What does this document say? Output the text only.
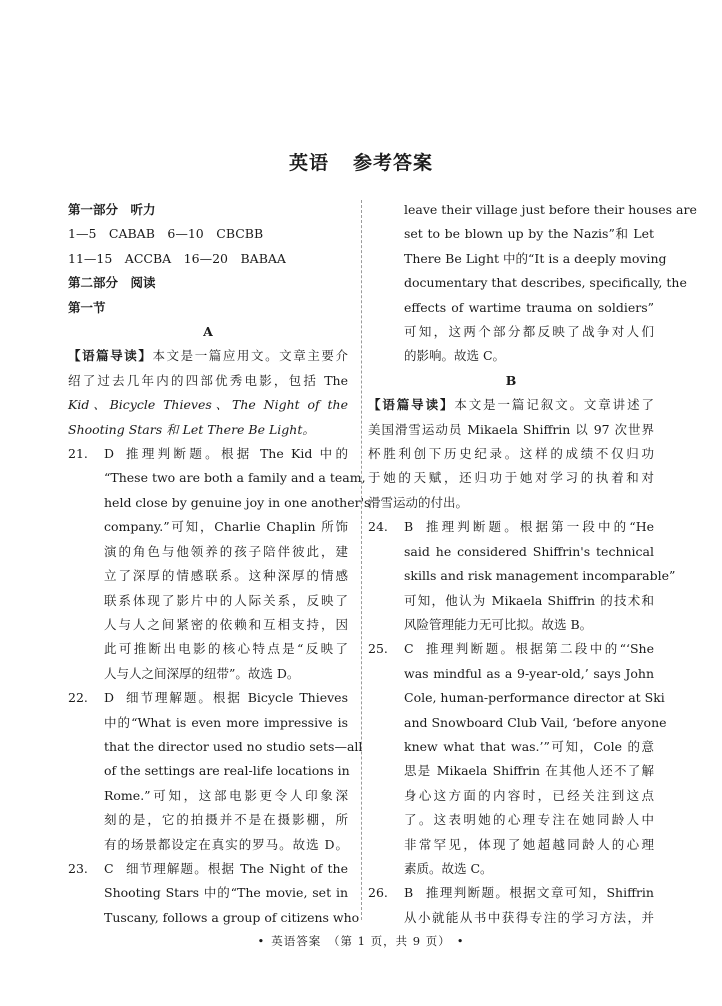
英语 参考答案
第一部分　听力
1—5　CABAB　6—10　CBCBB
11—15　ACCBA　16—20　BABAA
第二部分　阅读
第一节
A
【语篇导读】本文是一篇应用文。文章主要介
绍了过去几年内的四部优秀电影，包括 The
Kid、Bicycle Thieves、The Night of the
Shooting Stars 和 Let There Be Light。
21. D 推理判断题。根据 The Kid 中的
“These two are both a family and a team,
held close by genuine joy in one another's
company.”可知，Charlie Chaplin 所饰
演的角色与他领养的孩子陪伴彼此，建
立了深厚的情感联系。这种深厚的情感
联系体现了影片中的人际关系，反映了
人与人之间紧密的依赖和互相支持，因
此可推断出电影的核心特点是“反映了
人与人之间深厚的纽带”。故选 D。
22. D 细节理解题。根据 Bicycle Thieves
中的“What is even more impressive is
that the director used no studio sets—all
of the settings are real-life locations in
Rome.”可知，这部电影更令人印象深
刻的是，它的拍摄并不是在摄影棚，所
有的场景都设定在真实的罗马。故选 D。
23. C 细节理解题。根据 The Night of the
Shooting Stars 中的“The movie, set in
Tuscany, follows a group of citizens who
leave their village just before their houses are
set to be blown up by the Nazis”和 Let
There Be Light 中的“It is a deeply moving
documentary that describes, specifically, the
effects of wartime trauma on soldiers”
可知，这两个部分都反映了战争对人们
的影响。故选 C。
B
【语篇导读】本文是一篇记叙文。文章讲述了
美国滑雪运动员 Mikaela Shiffrin 以 97 次世界
杯胜利创下历史纪录。这样的成绩不仅归功
于她的天赋，还归功于她对学习的执着和对
滑雪运动的付出。
24. B	推理判断题。根据第一段中的“He
said he considered Shiffrin's technical
skills and risk management incomparable”
可知，他认为 Mikaela Shiffrin 的技术和
风险管理能力无可比拟。故选 B。
25. C 推理判断题。根据第二段中的“‘She
was mindful as a 9-year-old,’ says John
Cole, human-performance director at Ski
and Snowboard Club Vail, ‘before anyone
knew what that was.’”可知，Cole 的意
思是 Mikaela Shiffrin 在其他人还不了解
身心这方面的内容时，已经关注到这点
了。这表明她的心理专注在她同龄人中
非常罕见，体现了她超越同龄人的心理
素质。故选 C。
26. B	推理判断题。根据文章可知，Shiffrin
从小就能从书中获得专注的学习方法，并
• 英语答案　（第 1 页，共 9 页） •
